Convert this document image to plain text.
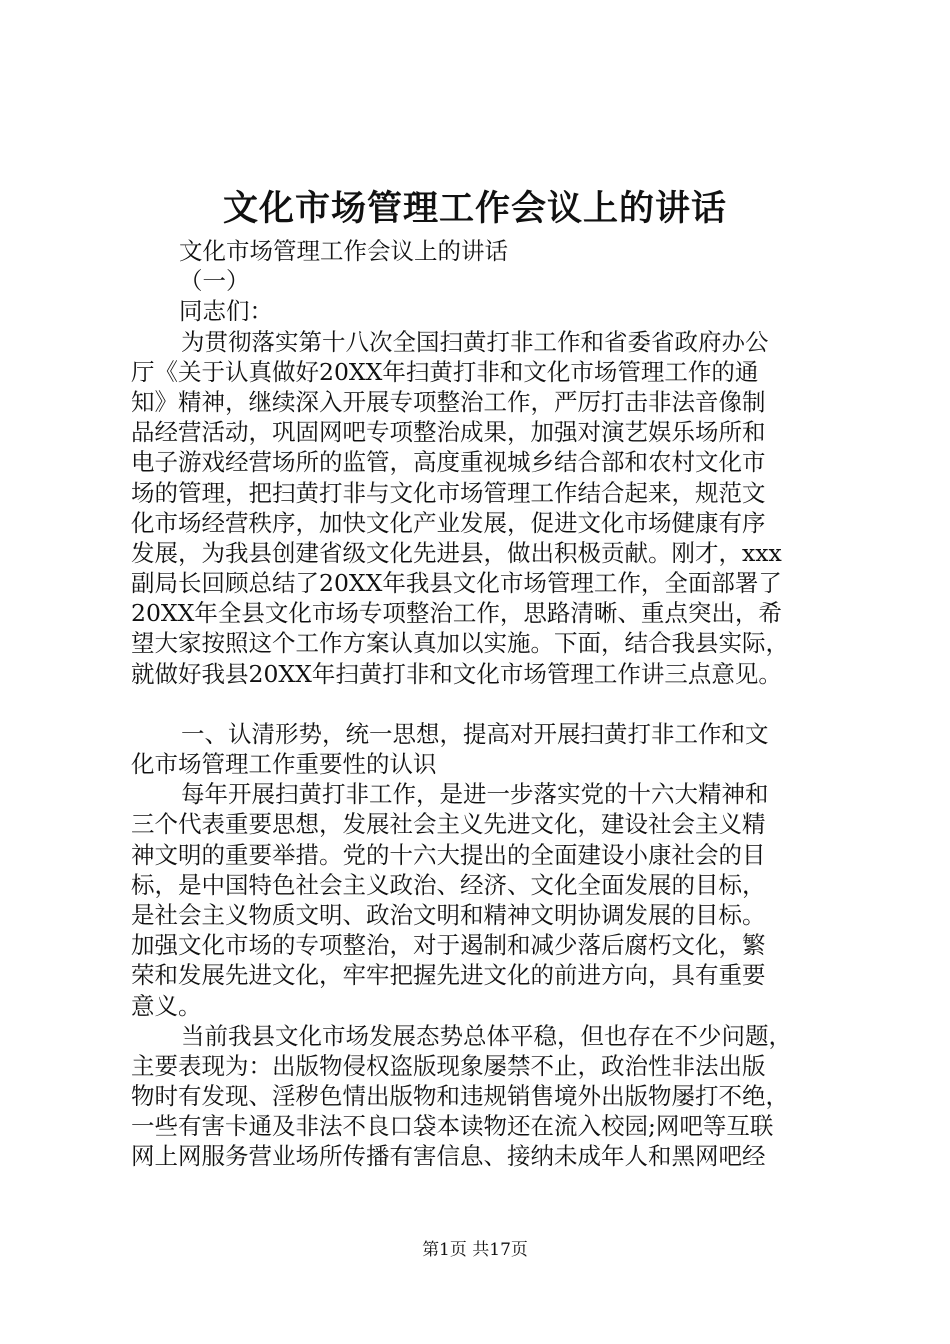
文化市场管理工作会议上的讲话
文化市场管理工作会议上的讲话
（一）
同志们：
为贯彻落实第十八次全国扫黄打非工作和省委省政府办公
厅《关于认真做好20XX年扫黄打非和文化市场管理工作的通
知》精神，继续深入开展专项整治工作，严厉打击非法音像制
品经营活动，巩固网吧专项整治成果，加强对演艺娱乐场所和
电子游戏经营场所的监管，高度重视城乡结合部和农村文化市
场的管理，把扫黄打非与文化市场管理工作结合起来，规范文
化市场经营秩序，加快文化产业发展，促进文化市场健康有序
发展，为我县创建省级文化先进县，做出积极贡献。刚才，xxx
副局长回顾总结了20XX年我县文化市场管理工作，全面部署了
20XX年全县文化市场专项整治工作，思路清晰、重点突出，希
望大家按照这个工作方案认真加以实施。下面，结合我县实际，
就做好我县20XX年扫黄打非和文化市场管理工作讲三点意见。
一、认清形势，统一思想，提高对开展扫黄打非工作和文
化市场管理工作重要性的认识
每年开展扫黄打非工作，是进一步落实党的十六大精神和
三个代表重要思想，发展社会主义先进文化，建设社会主义精
神文明的重要举措。党的十六大提出的全面建设小康社会的目
标，是中国特色社会主义政治、经济、文化全面发展的目标，
是社会主义物质文明、政治文明和精神文明协调发展的目标。
加强文化市场的专项整治，对于遏制和减少落后腐朽文化，繁
荣和发展先进文化，牢牢把握先进文化的前进方向，具有重要
意义。
当前我县文化市场发展态势总体平稳，但也存在不少问题，
主要表现为：出版物侵权盗版现象屡禁不止，政治性非法出版
物时有发现、淫秽色情出版物和违规销售境外出版物屡打不绝，
一些有害卡通及非法不良口袋本读物还在流入校园;网吧等互联
网上网服务营业场所传播有害信息、接纳未成年人和黑网吧经
第1页 共17页
